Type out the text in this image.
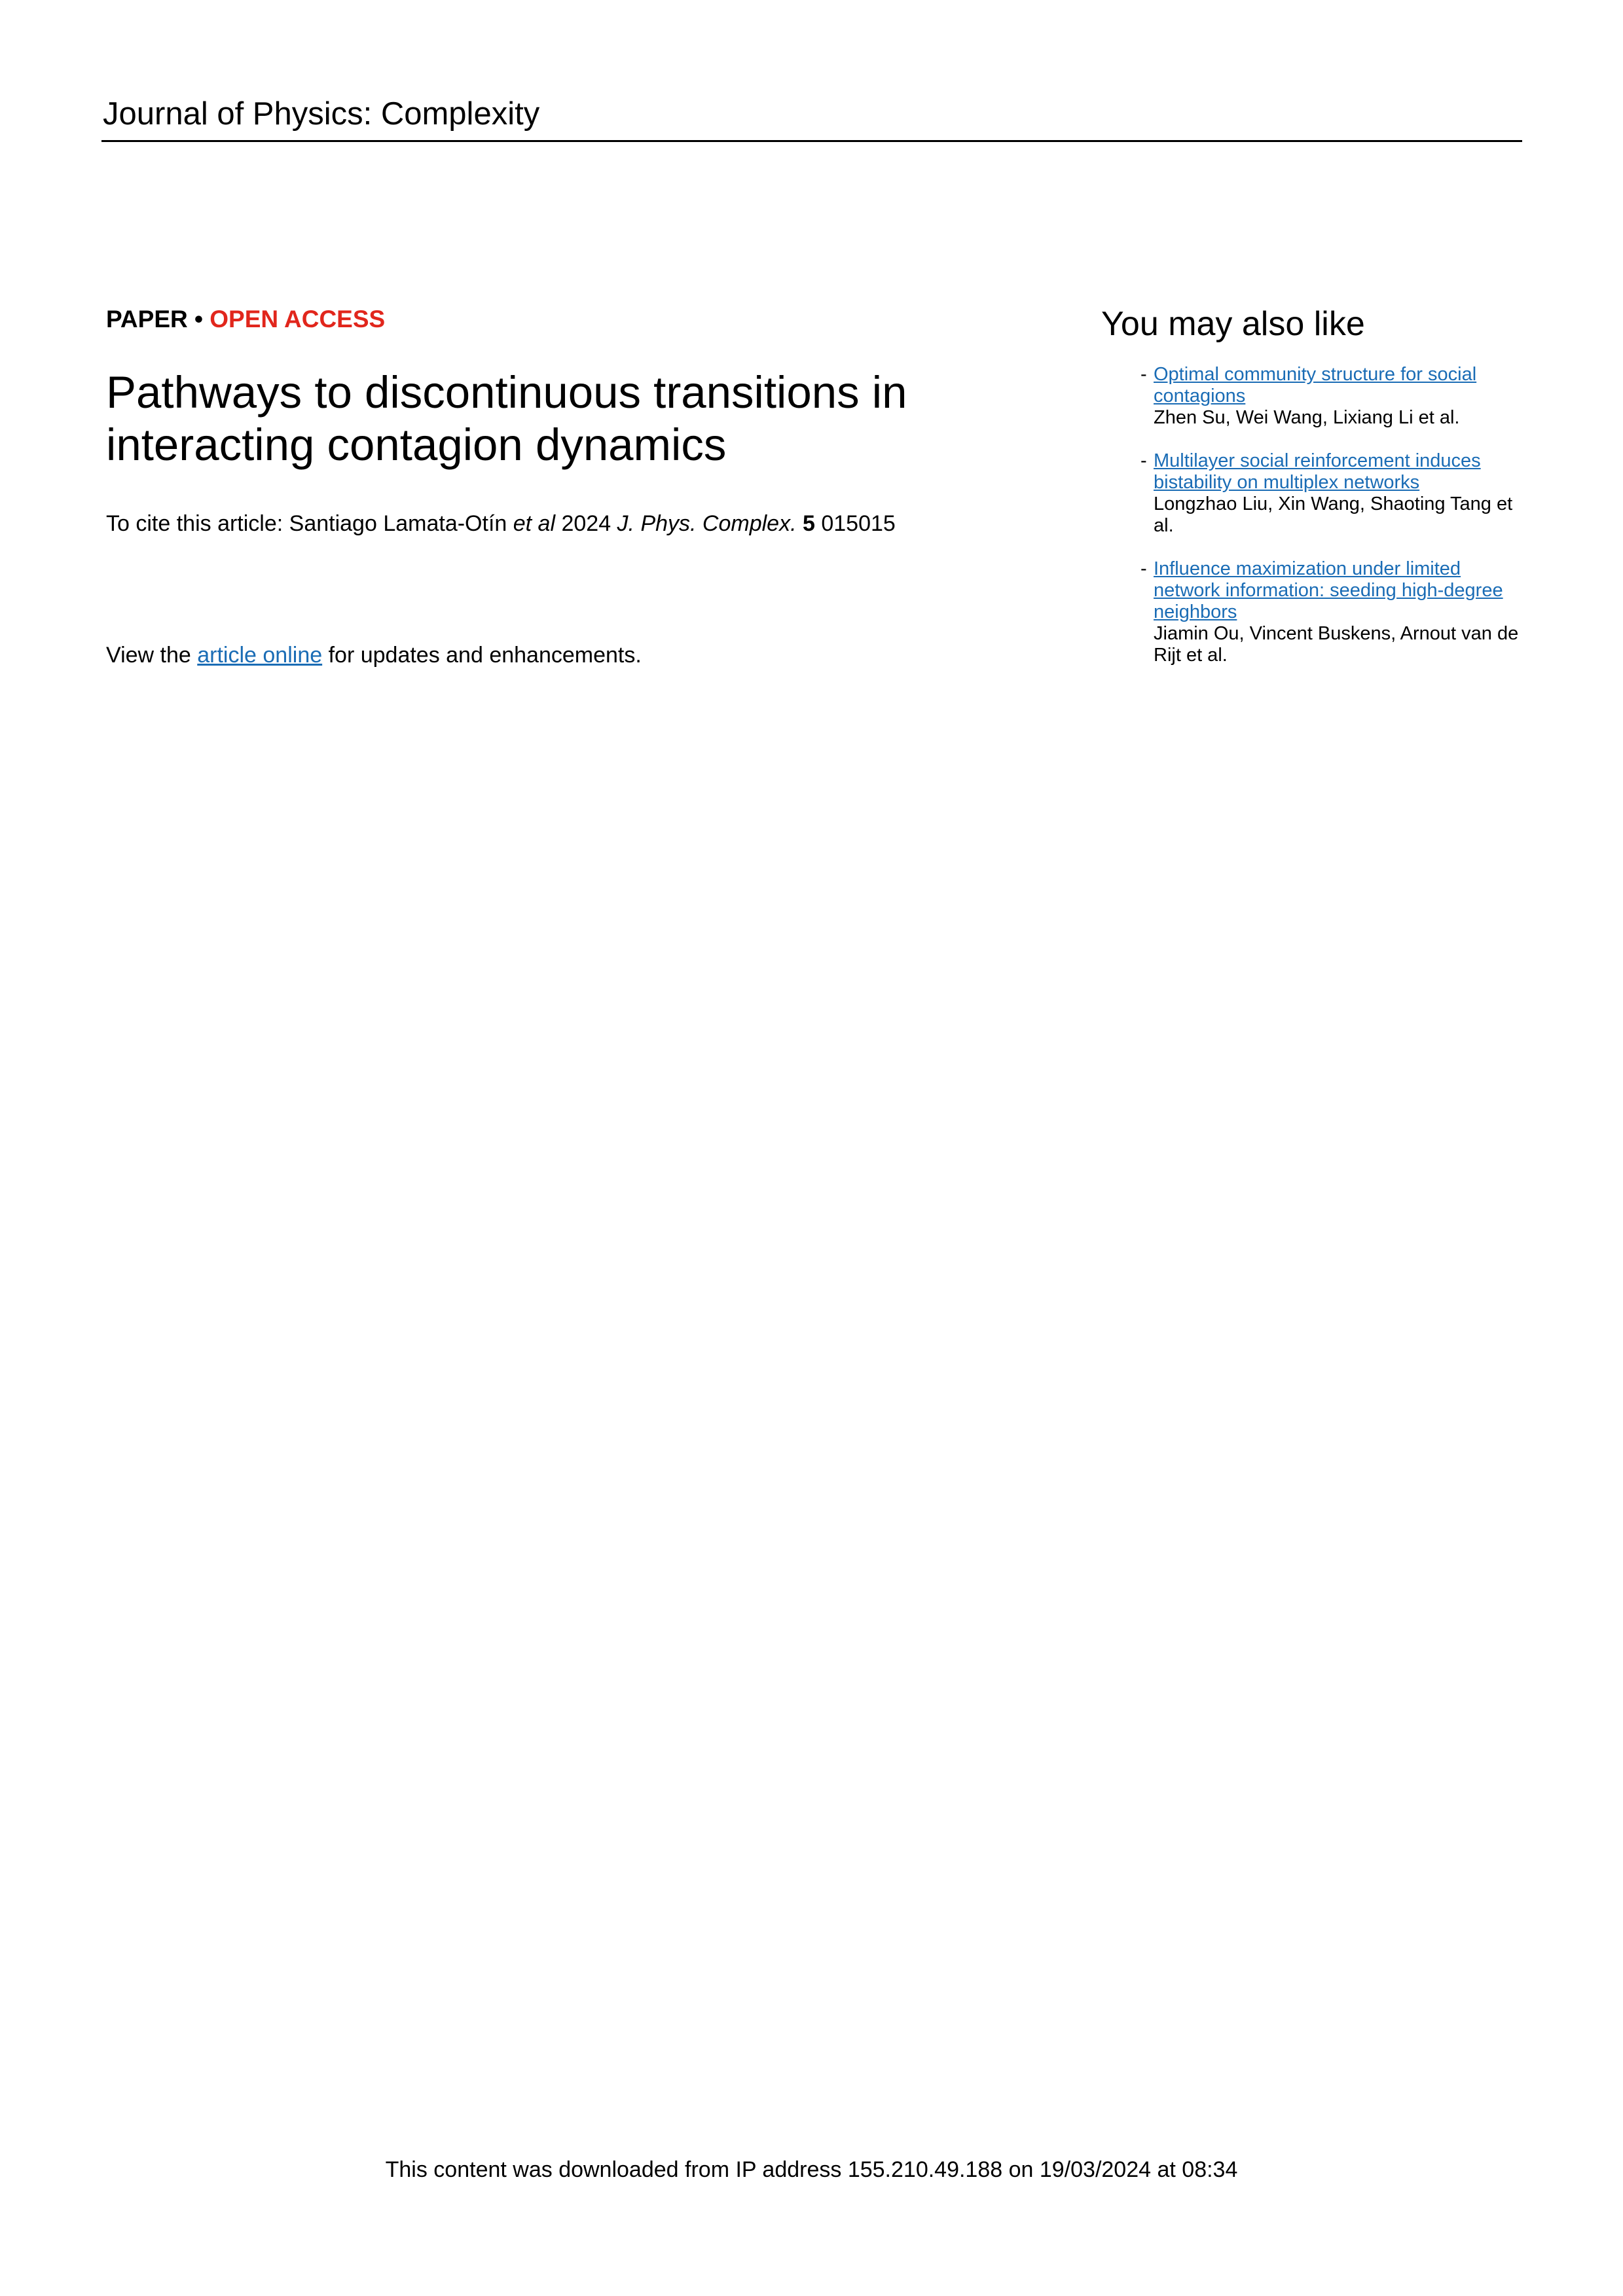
Journal of Physics: Complexity
PAPER • OPEN ACCESS
Pathways to discontinuous transitions in interacting contagion dynamics
To cite this article: Santiago Lamata-Otín et al 2024 J. Phys. Complex. 5 015015
View the article online for updates and enhancements.
You may also like
- Optimal community structure for social contagions
Zhen Su, Wei Wang, Lixiang Li et al.
- Multilayer social reinforcement induces bistability on multiplex networks
Longzhao Liu, Xin Wang, Shaoting Tang et al.
- Influence maximization under limited network information: seeding high-degree neighbors
Jiamin Ou, Vincent Buskens, Arnout van de Rijt et al.
This content was downloaded from IP address 155.210.49.188 on 19/03/2024 at 08:34
